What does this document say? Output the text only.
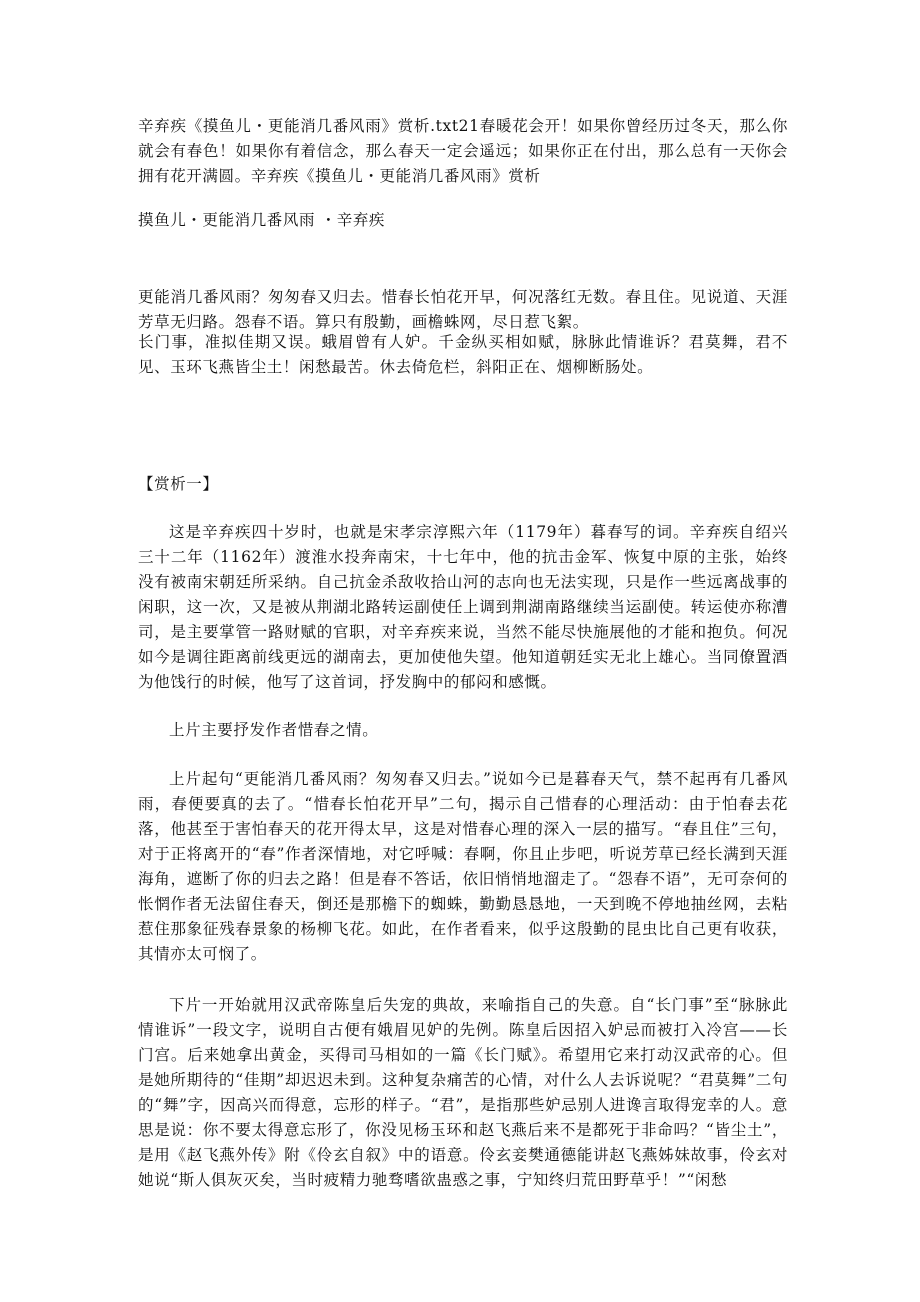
辛弃疾《摸鱼儿・更能消几番风雨》赏析.txt21春暖花会开！如果你曾经历过冬天，那么你就会有春色！如果你有着信念，那么春天一定会遥远；如果你正在付出，那么总有一天你会拥有花开满圆。辛弃疾《摸鱼儿・更能消几番风雨》赏析

摸鱼儿・更能消几番风雨 ・辛弃疾

更能消几番风雨？匆匆春又归去。惜春长怕花开早，何况落红无数。春且住。见说道、天涯芳草无归路。怨春不语。算只有殷勤，画檐蛛网，尽日惹飞絮。

长门事，准拟佳期又误。蛾眉曾有人妒。千金纵买相如赋，脉脉此情谁诉？君莫舞，君不见、玉环飞燕皆尘土！闲愁最苦。休去倚危栏，斜阳正在、烟柳断肠处。

【赏析一】

这是辛弃疾四十岁时，也就是宋孝宗淳熙六年（1179年）暮春写的词。辛弃疾自绍兴三十二年（1162年）渡淮水投奔南宋，十七年中，他的抗击金军、恢复中原的主张，始终没有被南宋朝廷所采纳。自己抗金杀敌收拾山河的志向也无法实现，只是作一些远离战事的闲职，这一次，又是被从荆湖北路转运副使任上调到荆湖南路继续当运副使。转运使亦称漕司，是主要掌管一路财赋的官职，对辛弃疾来说，当然不能尽快施展他的才能和抱负。何况如今是调往距离前线更远的湖南去，更加使他失望。他知道朝廷实无北上雄心。当同僚置酒为他饯行的时候，他写了这首词，抒发胸中的郁闷和感慨。

上片主要抒发作者惜春之情。

上片起句“更能消几番风雨？匆匆春又归去。”说如今已是暮春天气，禁不起再有几番风雨，春便要真的去了。“惜春长怕花开早”二句，揭示自己惜春的心理活动：由于怕春去花落，他甚至于害怕春天的花开得太早，这是对惜春心理的深入一层的描写。“春且住”三句，对于正将离开的“春”作者深情地，对它呼喊：春啊，你且止步吧，听说芳草已经长满到天涯海角，遮断了你的归去之路！但是春不答话，依旧悄悄地溜走了。“怨春不语”，无可奈何的怅惘作者无法留住春天，倒还是那檐下的蜘蛛，勤勤恳恳地，一天到晚不停地抽丝网，去粘惹住那象征残春景象的杨柳飞花。如此，在作者看来，似乎这殷勤的昆虫比自己更有收获，其情亦太可悯了。

下片一开始就用汉武帝陈皇后失宠的典故，来喻指自己的失意。自“长门事”至“脉脉此情谁诉”一段文字，说明自古便有娥眉见妒的先例。陈皇后因招入妒忌而被打入冷宫——长门宫。后来她拿出黄金，买得司马相如的一篇《长门赋》。希望用它来打动汉武帝的心。但是她所期待的“佳期”却迟迟未到。这种复杂痛苦的心情，对什么人去诉说呢？“君莫舞”二句的“舞”字，因高兴而得意，忘形的样子。“君”，是指那些妒忌别人进谗言取得宠幸的人。意思是说：你不要太得意忘形了，你没见杨玉环和赵飞燕后来不是都死于非命吗？“皆尘土”，是用《赵飞燕外传》附《伶玄自叙》中的语意。伶玄妾樊通德能讲赵飞燕姊妹故事，伶玄对她说“斯人俱灰灭矣，当时疲精力驰骛嗜欲蛊惑之事，宁知终归荒田野草乎！”“闲愁
